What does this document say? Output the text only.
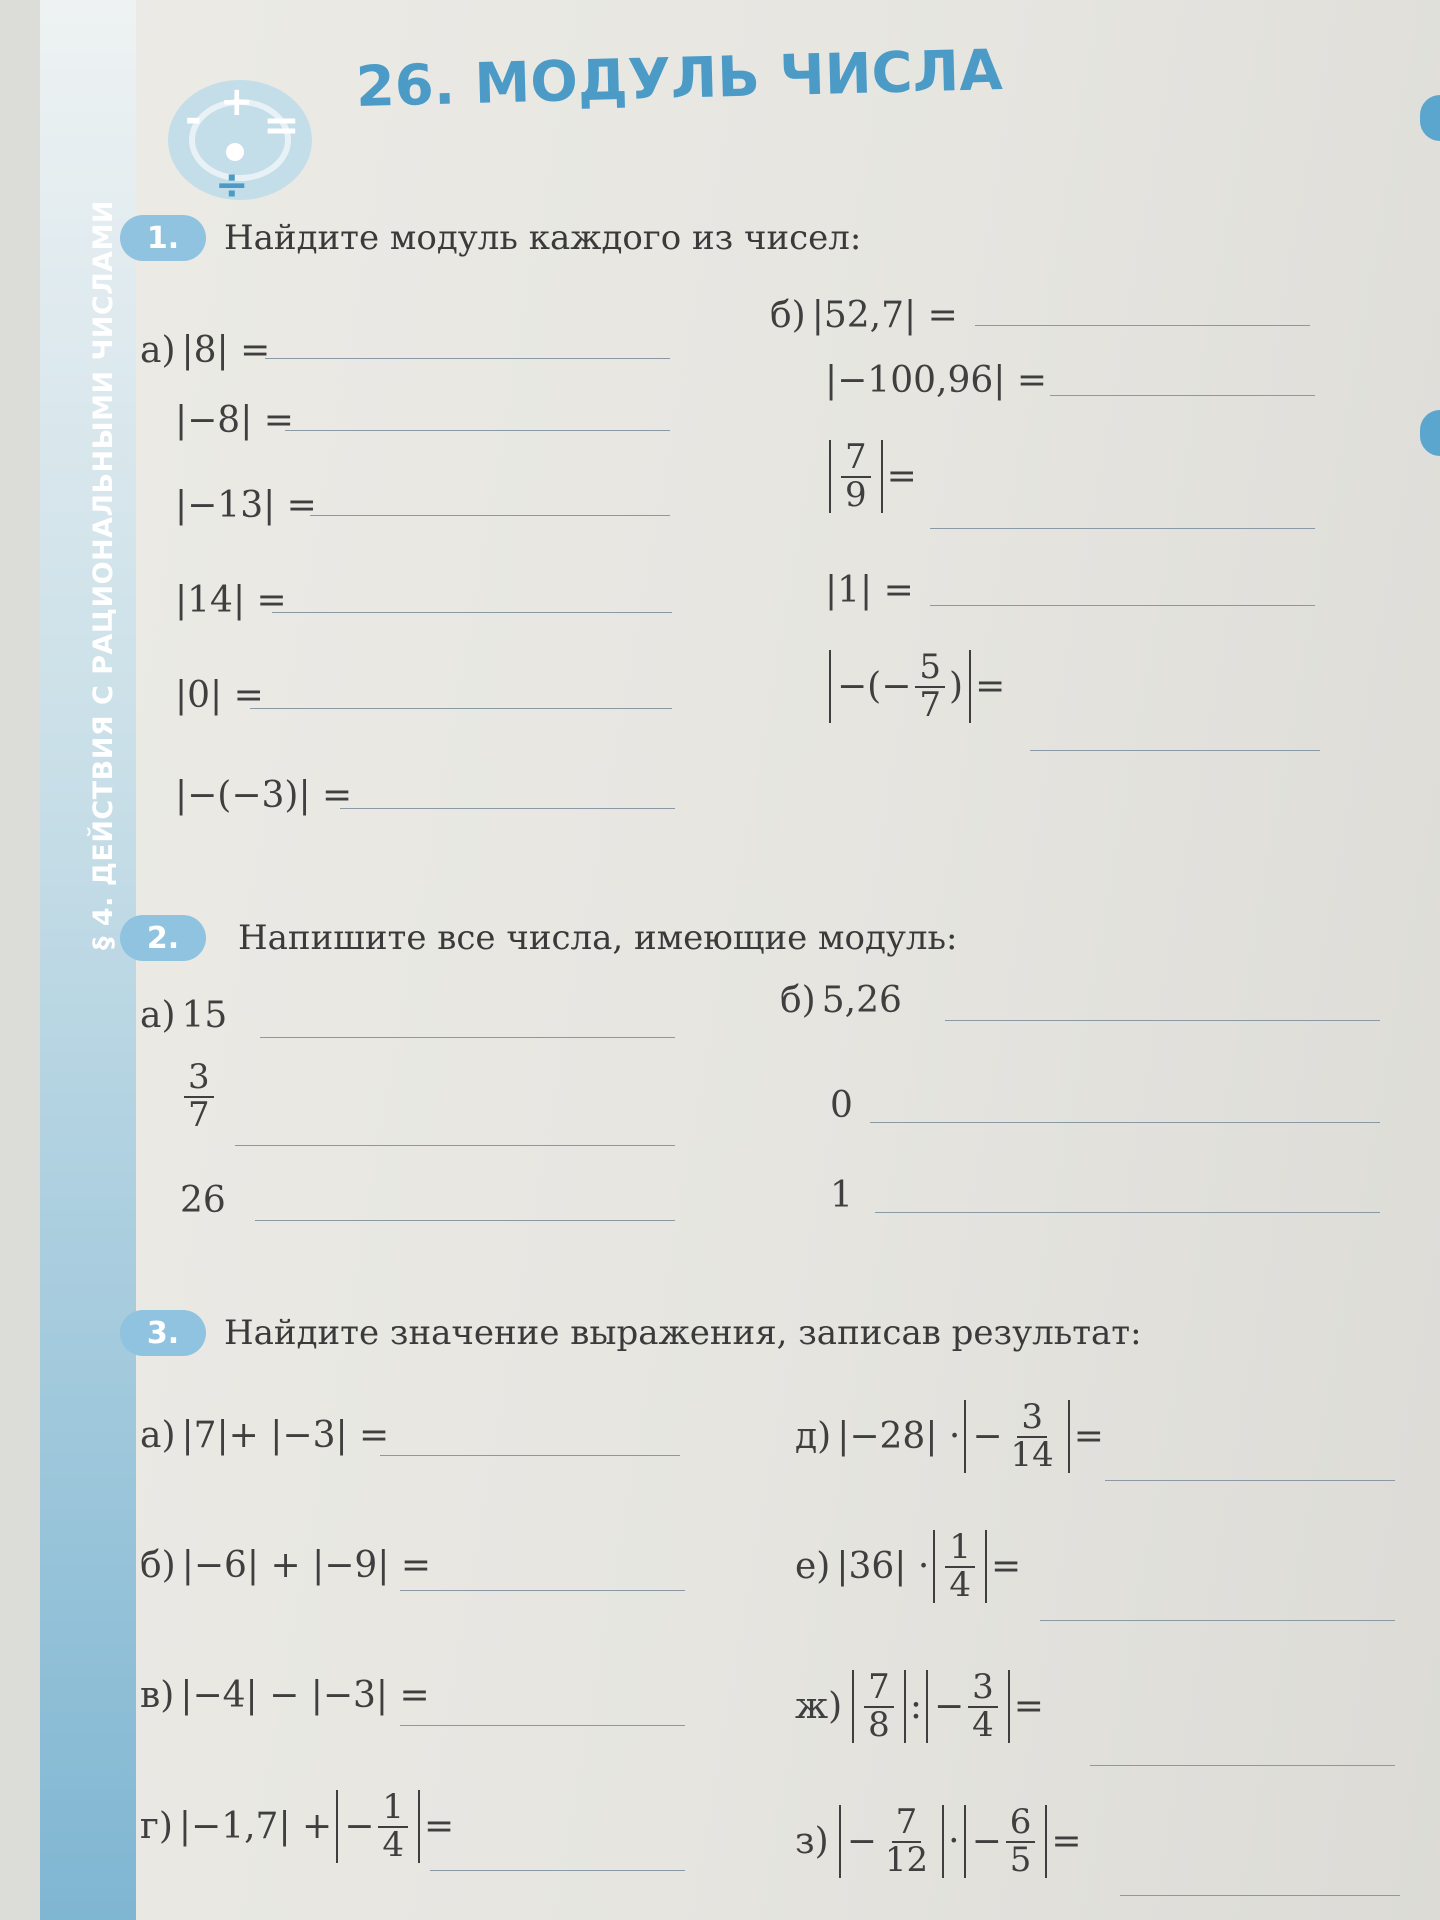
§ 4. ДЕЙСТВИЯ С РАЦИОНАЛЬНЫМИ ЧИСЛАМИ
- + =
÷
26. МОДУЛЬ ЧИСЛА
1.	Найдите модуль каждого из чисел:
а) |8| =
|−8| =
|−13| =
|14| =
|0| =
|−(−3)| =
б) |52,7| =
|−100,96| =
$\frac{7}{9}$ =
|1| =
−(− $\frac{5}{7}$ ) =
2.	Напишите все числа, имеющие модуль:
а) 15
$\frac{3}{7}$
26
б) 5,26
0
1
3.	Найдите значение выражения, записав результат:
а) |7|+ |−3| =
б) |−6| + |−9| =
в) |−4| − |−3| =
г) |−1,7| + − $\frac{1}{4}$ =
д) |−28| · − $\frac{3}{14}$ =
е) $|36| \cdot \frac{1}{4}$ =
$ж) \frac{7}{8}$ : − $\frac{3}{4}$ =
$з) - \frac{7}{12}$ · − $\frac{6}{5}$ =
